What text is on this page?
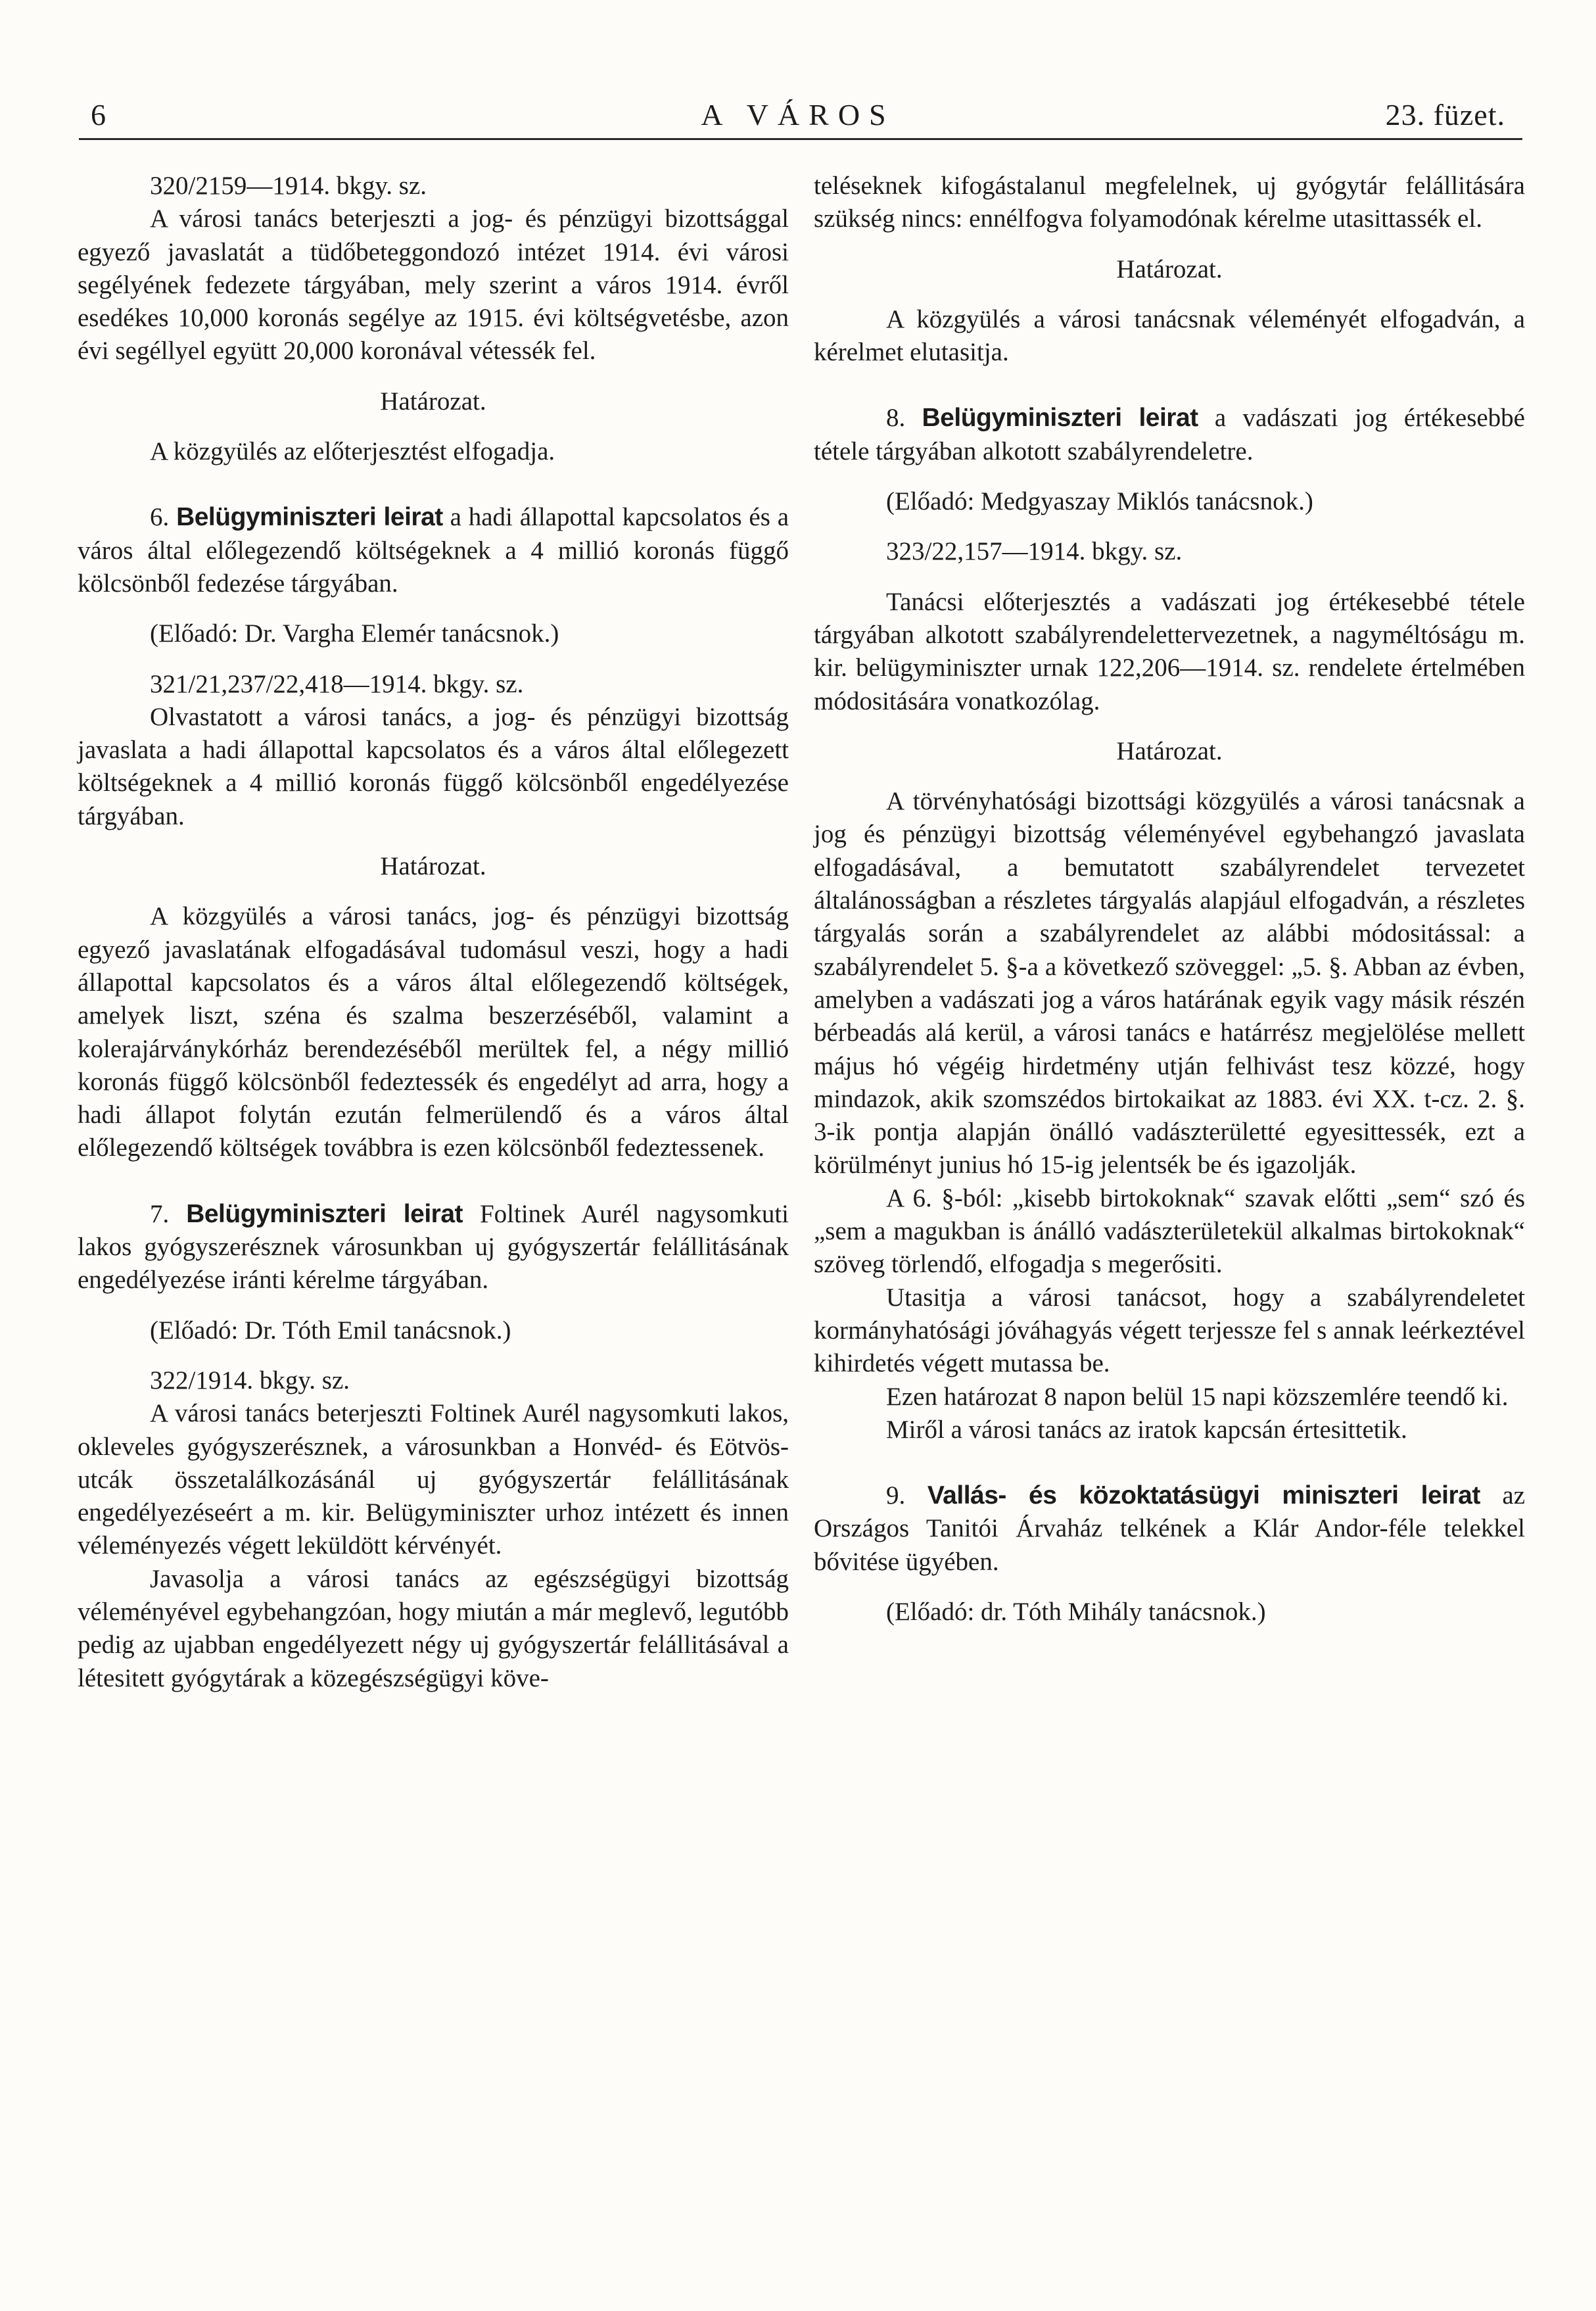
6	A VÁROS	23. füzet.

320/2159—1914. bkgy. sz.

A városi tanács beterjeszti a jog- és pénzügyi bizottsággal egyező javaslatát a tüdőbeteggondozó intézet 1914. évi városi segélyének fedezete tárgyában, mely szerint a város 1914. évről esedékes 10,000 koronás segélye az 1915. évi költségvetésbe, azon évi segéllyel együtt 20,000 koronával vétessék fel.

Határozat.

A közgyülés az előterjesztést elfogadja.

6. Belügyminiszteri leirat a hadi állapottal kapcsolatos és a város által előlegezendő költségeknek a 4 millió koronás függő kölcsönből fedezése tárgyában.

(Előadó: Dr. Vargha Elemér tanácsnok.)

321/21,237/22,418—1914. bkgy. sz.

Olvastatott a városi tanács, a jog- és pénzügyi bizottság javaslata a hadi állapottal kapcsolatos és a város által előlegezett költségeknek a 4 millió koronás függő kölcsönből engedélyezése tárgyában.

Határozat.

A közgyülés a városi tanács, jog- és pénzügyi bizottság egyező javaslatának elfogadásával tudomásul veszi, hogy a hadi állapottal kapcsolatos és a város által előlegezendő költségek, amelyek liszt, széna és szalma beszerzéséből, valamint a kolerajárványkórház berendezéséből merültek fel, a négy millió koronás függő kölcsönből fedeztessék és engedélyt ad arra, hogy a hadi állapot folytán ezután felmerülendő és a város által előlegezendő költségek továbbra is ezen kölcsönből fedeztessenek.

7. Belügyminiszteri leirat Foltinek Aurél nagysomkuti lakos gyógyszerésznek városunkban uj gyógyszertár felállitásának engedélyezése iránti kérelme tárgyában.

(Előadó: Dr. Tóth Emil tanácsnok.)

322/1914. bkgy. sz.

A városi tanács beterjeszti Foltinek Aurél nagysomkuti lakos, okleveles gyógyszerésznek, a városunkban a Honvéd- és Eötvös-utcák összetalálkozásánál uj gyógyszertár felállitásának engedélyezéseért a m. kir. Belügyminiszter urhoz intézett és innen véleményezés végett leküldött kérvényét.

Javasolja a városi tanács az egészségügyi bizottság véleményével egybehangzóan, hogy miután a már meglevő, legutóbb pedig az ujabban engedélyezett négy uj gyógyszertár felállitásával a létesitett gyógytárak a közegészségügyi köve-

teléseknek kifogástalanul megfelelnek, uj gyógytár felállitására szükség nincs: ennélfogva folyamodónak kérelme utasittassék el.

Határozat.

A közgyülés a városi tanácsnak véleményét elfogadván, a kérelmet elutasitja.

8. Belügyminiszteri leirat a vadászati jog értékesebbé tétele tárgyában alkotott szabályrendeletre.

(Előadó: Medgyaszay Miklós tanácsnok.)

323/22,157—1914. bkgy. sz.

Tanácsi előterjesztés a vadászati jog értékesebbé tétele tárgyában alkotott szabályrendelettervezetnek, a nagyméltóságu m. kir. belügyminiszter urnak 122,206—1914. sz. rendelete értelmében módositására vonatkozólag.

Határozat.

A törvényhatósági bizottsági közgyülés a városi tanácsnak a jog és pénzügyi bizottság véleményével egybehangzó javaslata elfogadásával, a bemutatott szabályrendelet tervezetet általánosságban a részletes tárgyalás alapjául elfogadván, a részletes tárgyalás során a szabályrendelet az alábbi módositással: a szabályrendelet 5. §-a a következő szöveggel: „5. §. Abban az évben, amelyben a vadászati jog a város határának egyik vagy másik részén bérbeadás alá kerül, a városi tanács e határrész megjelölése mellett május hó végéig hirdetmény utján felhivást tesz közzé, hogy mindazok, akik szomszédos birtokaikat az 1883. évi XX. t-cz. 2. §. 3-ik pontja alapján önálló vadászterületté egyesittessék, ezt a körülményt junius hó 15-ig jelentsék be és igazolják.

A 6. §-ból: „kisebb birtokoknak“ szavak előtti „sem“ szó és „sem a magukban is ánálló vadászterületekül alkalmas birtokoknak“ szöveg törlendő, elfogadja s megerősiti.

Utasitja a városi tanácsot, hogy a szabályrendeletet kormányhatósági jóváhagyás végett terjessze fel s annak leérkeztével kihirdetés végett mutassa be.

Ezen határozat 8 napon belül 15 napi közszemlére teendő ki.

Miről a városi tanács az iratok kapcsán értesittetik.

9. Vallás- és közoktatásügyi miniszteri leirat az Országos Tanitói Árvaház telkének a Klár Andor-féle telekkel bővitése ügyében.

(Előadó: dr. Tóth Mihály tanácsnok.)
